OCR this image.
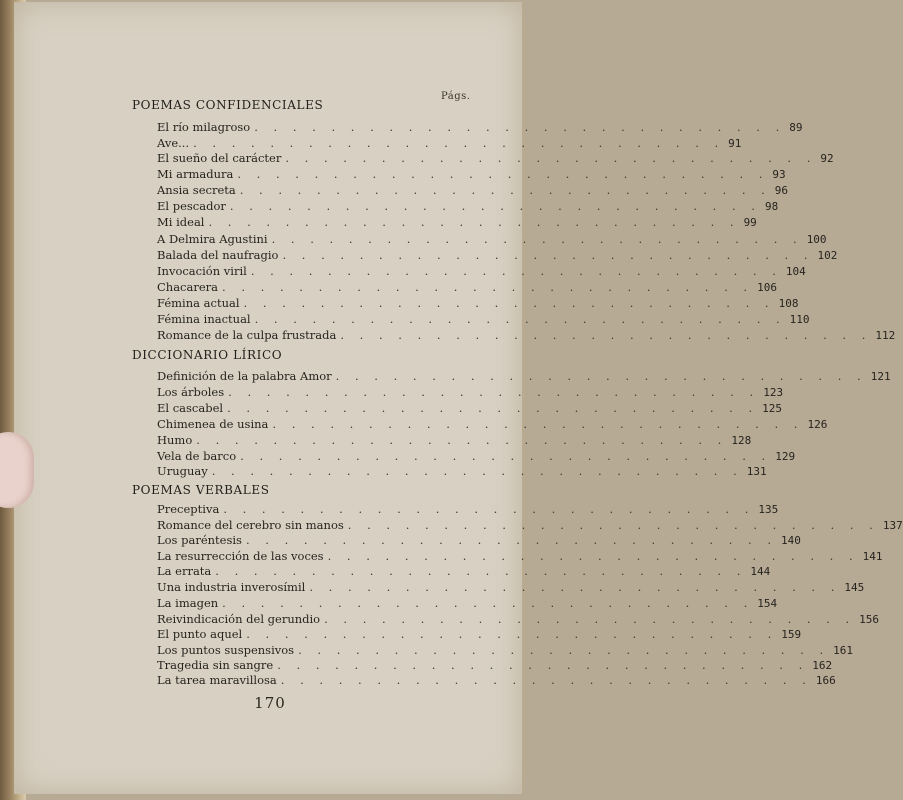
Págs.
POEMAS CONFIDENCIALES
El río milagroso . . . . . . . . . . . . . . . . . . . . . . . . . . . . 89
Ave... . . . . . . . . . . . . . . . . . . . . . . . . . . . . 91
El sueño del carácter . . . . . . . . . . . . . . . . . . . . . . . . . . . . 92
Mi armadura . . . . . . . . . . . . . . . . . . . . . . . . . . . . 93
Ansia secreta . . . . . . . . . . . . . . . . . . . . . . . . . . . . 96
El pescador . . . . . . . . . . . . . . . . . . . . . . . . . . . . 98
Mi ideal . . . . . . . . . . . . . . . . . . . . . . . . . . . . 99
A Delmira Agustini . . . . . . . . . . . . . . . . . . . . . . . . . . . . 100
Balada del naufragio . . . . . . . . . . . . . . . . . . . . . . . . . . . . 102
Invocación viril . . . . . . . . . . . . . . . . . . . . . . . . . . . . 104
Chacarera . . . . . . . . . . . . . . . . . . . . . . . . . . . . 106
Fémina actual . . . . . . . . . . . . . . . . . . . . . . . . . . . . 108
Fémina inactual . . . . . . . . . . . . . . . . . . . . . . . . . . . . 110
Romance de la culpa frustrada . . . . . . . . . . . . . . . . . . . . . . . . . . . . 112
DICCIONARIO LÍRICO
Definición de la palabra Amor . . . . . . . . . . . . . . . . . . . . . . . . . . . . 121
Los árboles . . . . . . . . . . . . . . . . . . . . . . . . . . . . 123
El cascabel . . . . . . . . . . . . . . . . . . . . . . . . . . . . 125
Chimenea de usina . . . . . . . . . . . . . . . . . . . . . . . . . . . . 126
Humo . . . . . . . . . . . . . . . . . . . . . . . . . . . . 128
Vela de barco . . . . . . . . . . . . . . . . . . . . . . . . . . . . 129
Uruguay . . . . . . . . . . . . . . . . . . . . . . . . . . . . 131
POEMAS VERBALES
Preceptiva . . . . . . . . . . . . . . . . . . . . . . . . . . . . 135
Romance del cerebro sin manos . . . . . . . . . . . . . . . . . . . . . . . . . . . . 137
Los paréntesis . . . . . . . . . . . . . . . . . . . . . . . . . . . . 140
La resurrección de las voces . . . . . . . . . . . . . . . . . . . . . . . . . . . . 141
La errata . . . . . . . . . . . . . . . . . . . . . . . . . . . . 144
Una industria inverosímil . . . . . . . . . . . . . . . . . . . . . . . . . . . . 145
La imagen . . . . . . . . . . . . . . . . . . . . . . . . . . . . 154
Reivindicación del gerundio . . . . . . . . . . . . . . . . . . . . . . . . . . . . 156
El punto aquel . . . . . . . . . . . . . . . . . . . . . . . . . . . . 159
Los puntos suspensivos . . . . . . . . . . . . . . . . . . . . . . . . . . . . 161
Tragedia sin sangre . . . . . . . . . . . . . . . . . . . . . . . . . . . . 162
La tarea maravillosa . . . . . . . . . . . . . . . . . . . . . . . . . . . . 166
170
